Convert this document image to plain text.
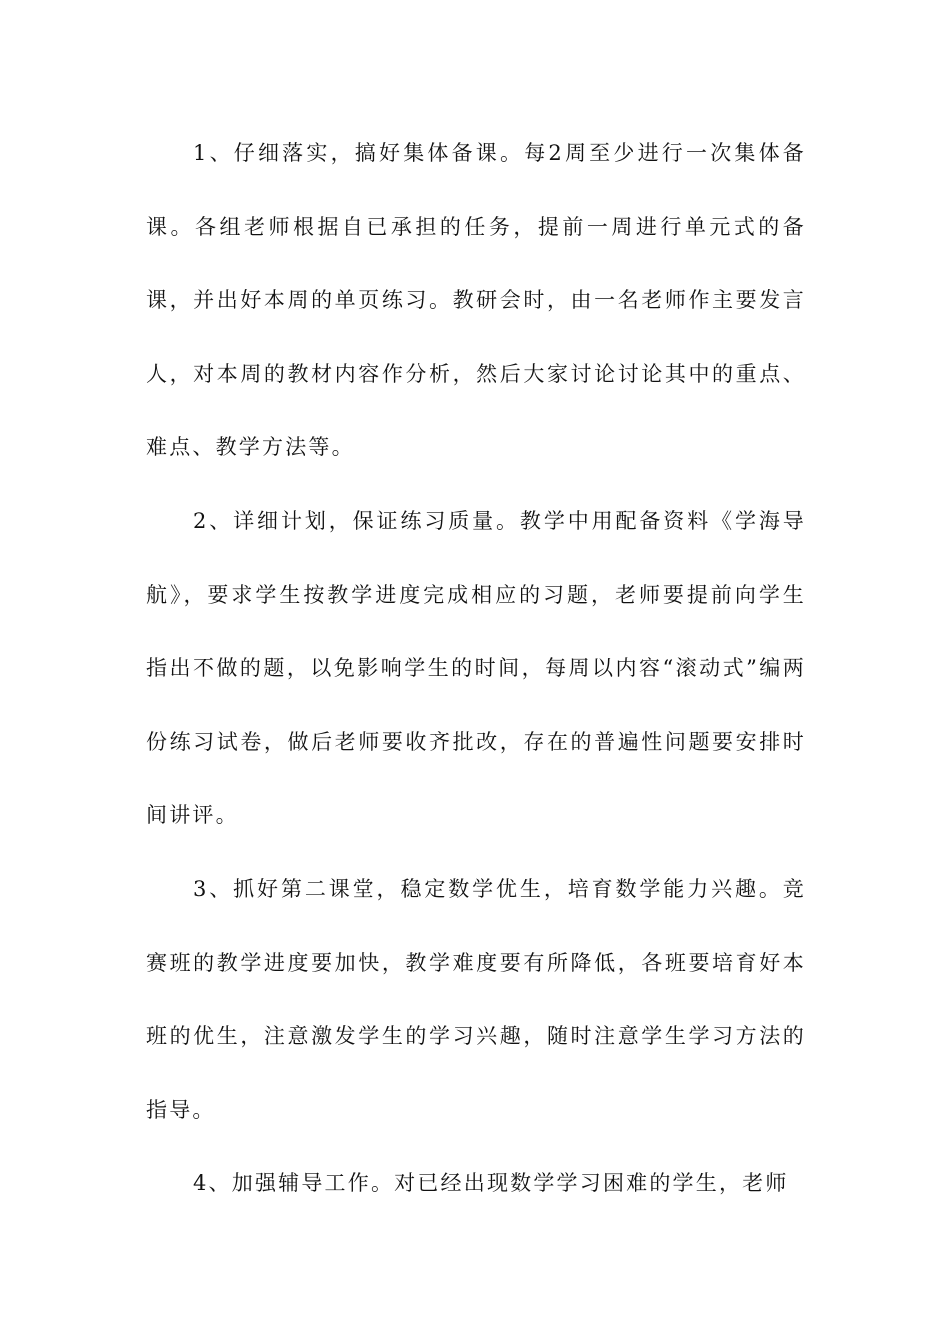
1、仔细落实，搞好集体备课。每2周至少进行一次集体备课。各组老师根据自已承担的任务，提前一周进行单元式的备课，并出好本周的单页练习。教研会时，由一名老师作主要发言人，对本周的教材内容作分析，然后大家讨论讨论其中的重点、难点、教学方法等。

2、详细计划，保证练习质量。教学中用配备资料《学海导航》，要求学生按教学进度完成相应的习题，老师要提前向学生指出不做的题，以免影响学生的时间，每周以内容“滚动式”编两份练习试卷，做后老师要收齐批改，存在的普遍性问题要安排时间讲评。

3、抓好第二课堂，稳定数学优生，培育数学能力兴趣。竞赛班的教学进度要加快，教学难度要有所降低，各班要培育好本班的优生，注意激发学生的学习兴趣，随时注意学生学习方法的指导。

4、加强辅导工作。对已经出现数学学习困难的学生，老师
